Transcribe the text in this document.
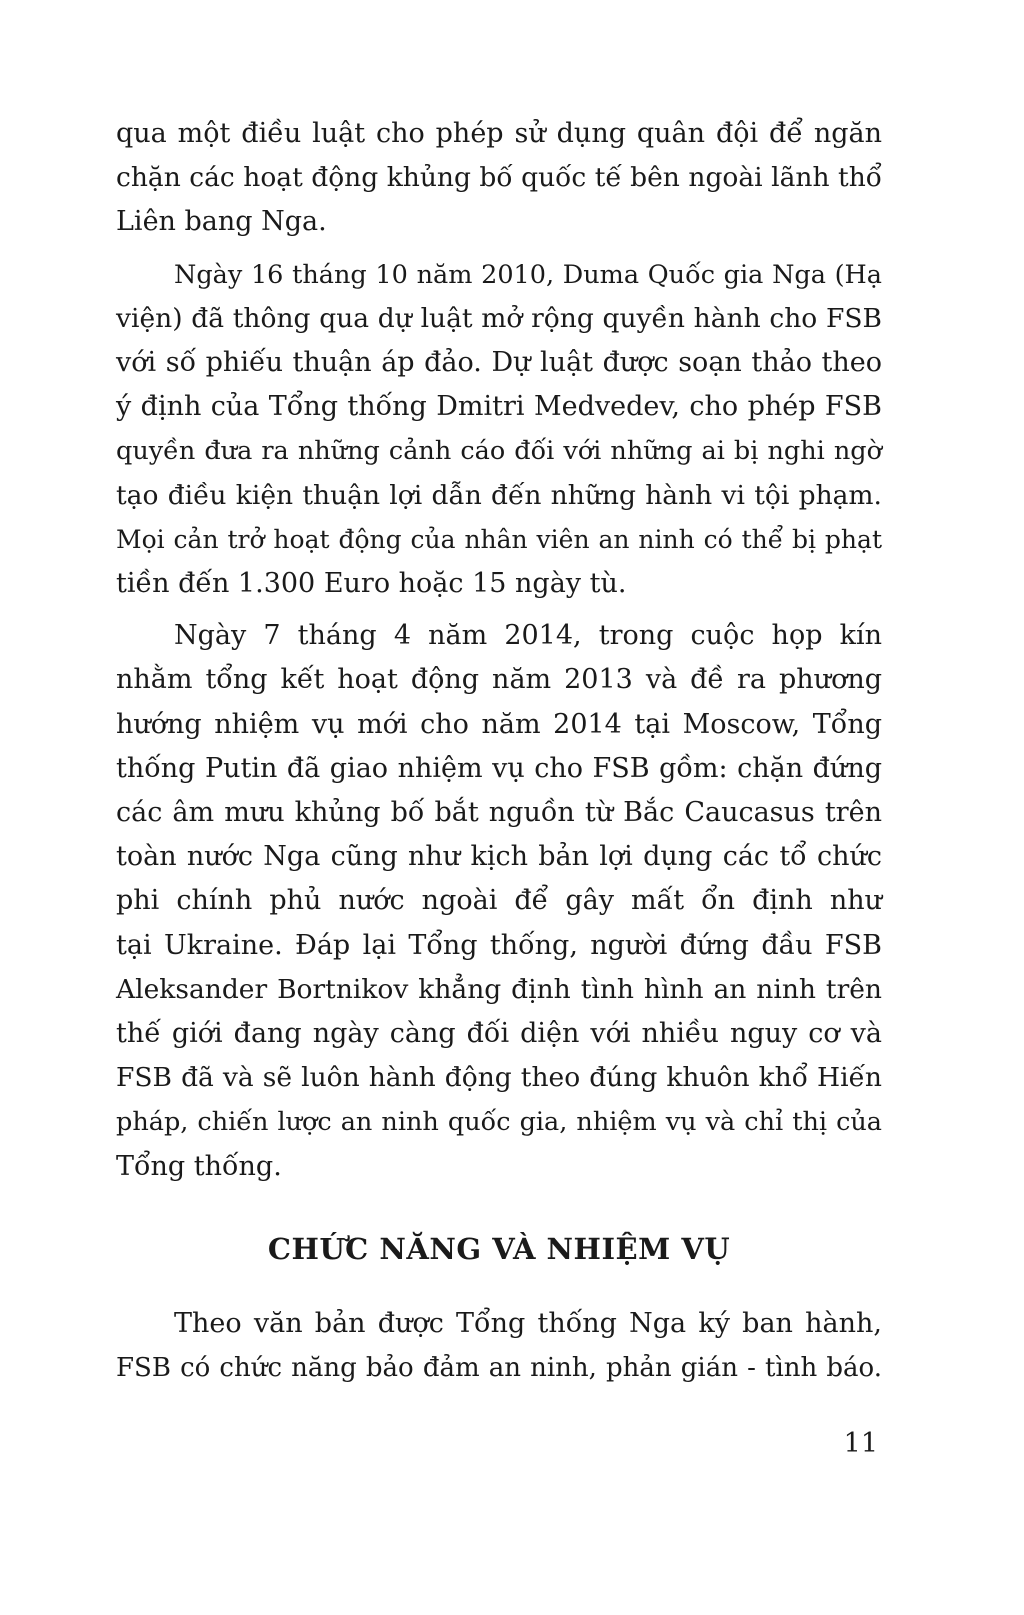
qua một điều luật cho phép sử dụng quân đội để ngăn
chặn các hoạt động khủng bố quốc tế bên ngoài lãnh thổ
Liên bang Nga.

Ngày 16 tháng 10 năm 2010, Duma Quốc gia Nga (Hạ
viện) đã thông qua dự luật mở rộng quyền hành cho FSB
với số phiếu thuận áp đảo. Dự luật được soạn thảo theo
ý định của Tổng thống Dmitri Medvedev, cho phép FSB
quyền đưa ra những cảnh cáo đối với những ai bị nghi ngờ
tạo điều kiện thuận lợi dẫn đến những hành vi tội phạm.
Mọi cản trở hoạt động của nhân viên an ninh có thể bị phạt
tiền đến 1.300 Euro hoặc 15 ngày tù.

Ngày 7 tháng 4 năm 2014, trong cuộc họp kín
nhằm tổng kết hoạt động năm 2013 và đề ra phương
hướng nhiệm vụ mới cho năm 2014 tại Moscow, Tổng
thống Putin đã giao nhiệm vụ cho FSB gồm: chặn đứng
các âm mưu khủng bố bắt nguồn từ Bắc Caucasus trên
toàn nước Nga cũng như kịch bản lợi dụng các tổ chức
phi chính phủ nước ngoài để gây mất ổn định như
tại Ukraine. Đáp lại Tổng thống, người đứng đầu FSB
Aleksander Bortnikov khẳng định tình hình an ninh trên
thế giới đang ngày càng đối diện với nhiều nguy cơ và
FSB đã và sẽ luôn hành động theo đúng khuôn khổ Hiến
pháp, chiến lược an ninh quốc gia, nhiệm vụ và chỉ thị của
Tổng thống.

CHỨC NĂNG VÀ NHIỆM VỤ

Theo văn bản được Tổng thống Nga ký ban hành,
FSB có chức năng bảo đảm an ninh, phản gián - tình báo.

11
